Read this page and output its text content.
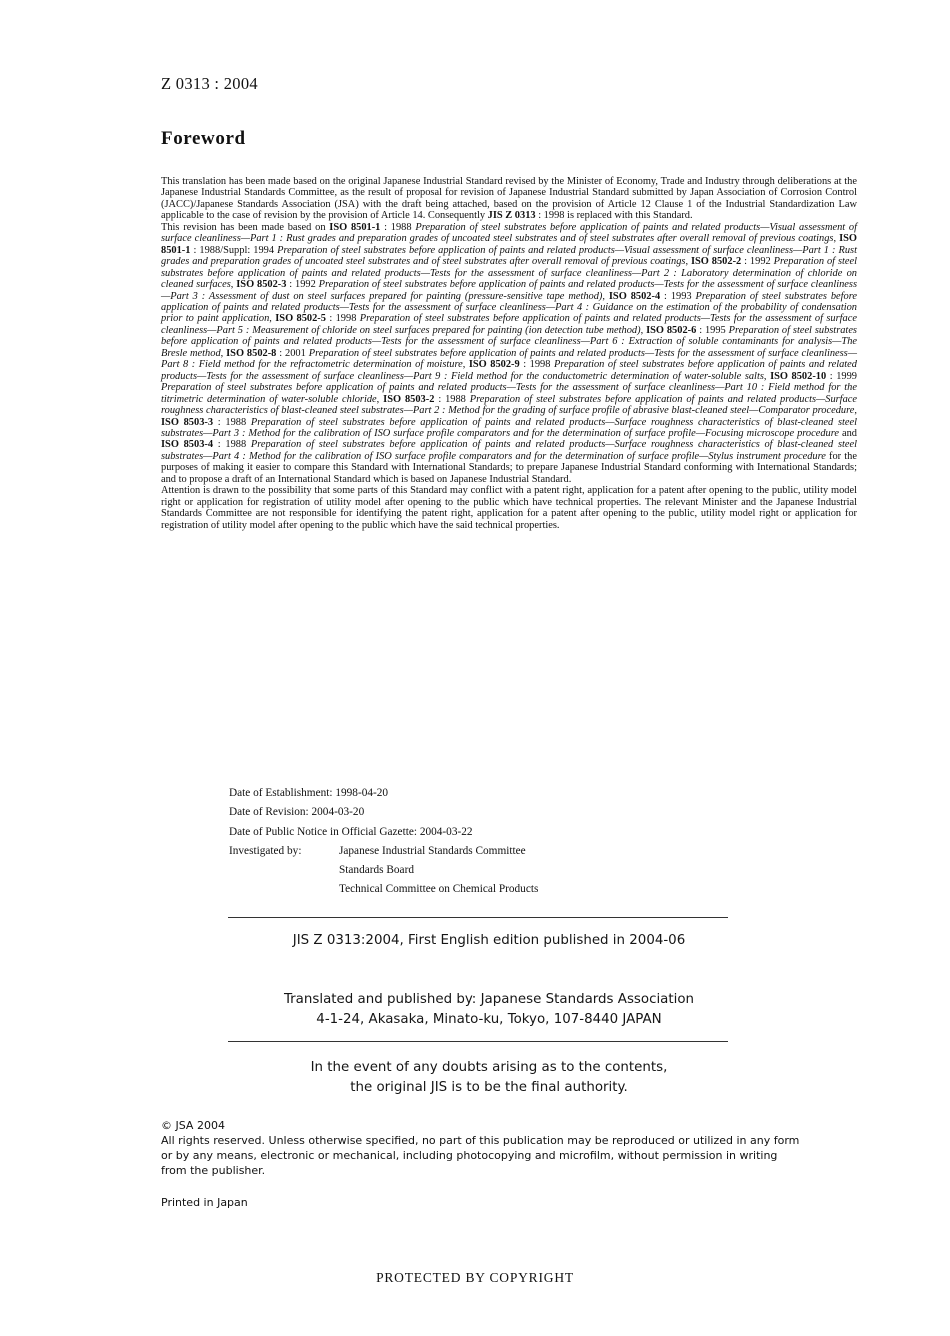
Z 0313 : 2004
Foreword

This translation has been made based on the original Japanese Industrial Standard revised by the Minister of Economy, Trade and Industry through deliberations at the Japanese Industrial Standards Committee, as the result of proposal for revision of Japanese Industrial Standard submitted by Japan Association of Corrosion Control (JACC)/Japanese Standards Association (JSA) with the draft being attached, based on the provision of Article 12 Clause 1 of the Industrial Standardization Law applicable to the case of revision by the provision of Article 14. Consequently JIS Z 0313 : 1998 is replaced with this Standard.

This revision has been made based on ISO 8501-1 : 1988 Preparation of steel substrates before application of paints and related products—Visual assessment of surface cleanliness—Part 1 : Rust grades and preparation grades of uncoated steel substrates and of steel substrates after overall removal of previous coatings, ISO 8501-1 : 1988/Suppl: 1994 Preparation of steel substrates before application of paints and related products—Visual assessment of surface cleanliness—Part 1 : Rust grades and preparation grades of uncoated steel substrates and of steel substrates after overall removal of previous coatings, ISO 8502-2 : 1992 Preparation of steel substrates before application of paints and related products—Tests for the assessment of surface cleanliness—Part 2 : Laboratory determination of chloride on cleaned surfaces, ISO 8502-3 : 1992 Preparation of steel substrates before application of paints and related products—Tests for the assessment of surface cleanliness—Part 3 : Assessment of dust on steel surfaces prepared for painting (pressure-sensitive tape method), ISO 8502-4 : 1993 Preparation of steel substrates before application of paints and related products—Tests for the assessment of surface cleanliness—Part 4 : Guidance on the estimation of the probability of condensation prior to paint application, ISO 8502-5 : 1998 Preparation of steel substrates before application of paints and related products—Tests for the assessment of surface cleanliness—Part 5 : Measurement of chloride on steel surfaces prepared for painting (ion detection tube method), ISO 8502-6 : 1995 Preparation of steel substrates before application of paints and related products—Tests for the assessment of surface cleanliness—Part 6 : Extraction of soluble contaminants for analysis—The Bresle method, ISO 8502-8 : 2001 Preparation of steel substrates before application of paints and related products—Tests for the assessment of surface cleanliness—Part 8 : Field method for the refractometric determination of moisture, ISO 8502-9 : 1998 Preparation of steel substrates before application of paints and related products—Tests for the assessment of surface cleanliness—Part 9 : Field method for the conductometric determination of water-soluble salts, ISO 8502-10 : 1999 Preparation of steel substrates before application of paints and related products—Tests for the assessment of surface cleanliness—Part 10 : Field method for the titrimetric determination of water-soluble chloride, ISO 8503-2 : 1988 Preparation of steel substrates before application of paints and related products—Surface roughness characteristics of blast-cleaned steel substrates—Part 2 : Method for the grading of surface profile of abrasive blast-cleaned steel—Comparator procedure, ISO 8503-3 : 1988 Preparation of steel substrates before application of paints and related products—Surface roughness characteristics of blast-cleaned steel substrates—Part 3 : Method for the calibration of ISO surface profile comparators and for the determination of surface profile—Focusing microscope procedure and ISO 8503-4 : 1988 Preparation of steel substrates before application of paints and related products—Surface roughness characteristics of blast-cleaned steel substrates—Part 4 : Method for the calibration of ISO surface profile comparators and for the determination of surface profile—Stylus instrument procedure for the purposes of making it easier to compare this Standard with International Standards; to prepare Japanese Industrial Standard conforming with International Standards; and to propose a draft of an International Standard which is based on Japanese Industrial Standard.

Attention is drawn to the possibility that some parts of this Standard may conflict with a patent right, application for a patent after opening to the public, utility model right or application for registration of utility model after opening to the public which have technical properties. The relevant Minister and the Japanese Industrial Standards Committee are not responsible for identifying the patent right, application for a patent after opening to the public, utility model right or application for registration of utility model after opening to the public which have the said technical properties.

Date of Establishment: 1998-04-20
Date of Revision: 2004-03-20
Date of Public Notice in Official Gazette: 2004-03-22
Investigated by:	Japanese Industrial Standards Committee
Standards Board
Technical Committee on Chemical Products
JIS Z 0313:2004, First English edition published in 2004-06
Translated and published by: Japanese Standards Association
4-1-24, Akasaka, Minato-ku, Tokyo, 107-8440 JAPAN
In the event of any doubts arising as to the contents,
the original JIS is to be the final authority.

© JSA 2004

All rights reserved. Unless otherwise specified, no part of this publication may be reproduced or utilized in any form or by any means, electronic or mechanical, including photocopying and microfilm, without permission in writing from the publisher.

Printed in Japan
PROTECTED BY COPYRIGHT
